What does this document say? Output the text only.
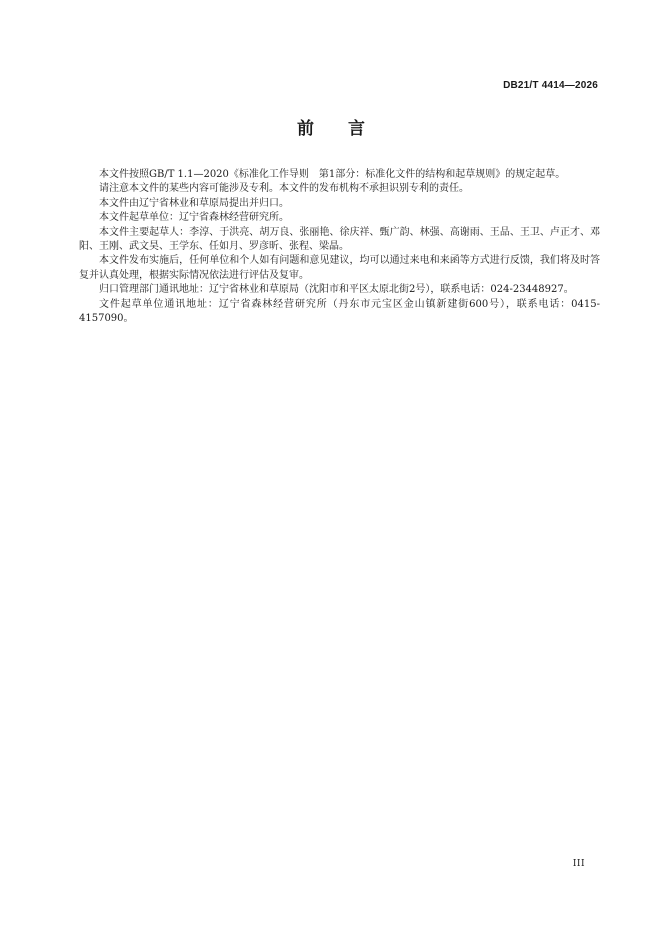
DB21/T 4414—2026
前言

本文件按照GB/T 1.1—2020《标准化工作导则　第1部分：标准化文件的结构和起草规则》的规定起草。

请注意本文件的某些内容可能涉及专利。本文件的发布机构不承担识别专利的责任。

本文件由辽宁省林业和草原局提出并归口。

本文件起草单位：辽宁省森林经营研究所。

本文件主要起草人：李淳、于洪亮、胡万良、张丽艳、徐庆祥、甄广韵、林强、高谢雨、王品、王卫、卢正才、邓阳、王刚、武文昊、王学东、任如月、罗彦昕、张程、梁晶。

本文件发布实施后，任何单位和个人如有问题和意见建议，均可以通过来电和来函等方式进行反馈，我们将及时答复并认真处理，根据实际情况依法进行评估及复审。

归口管理部门通讯地址：辽宁省林业和草原局（沈阳市和平区太原北街2号），联系电话：024-23448927。

文件起草单位通讯地址：辽宁省森林经营研究所（丹东市元宝区金山镇新建街600号），联系电话：0415-4157090。

III
